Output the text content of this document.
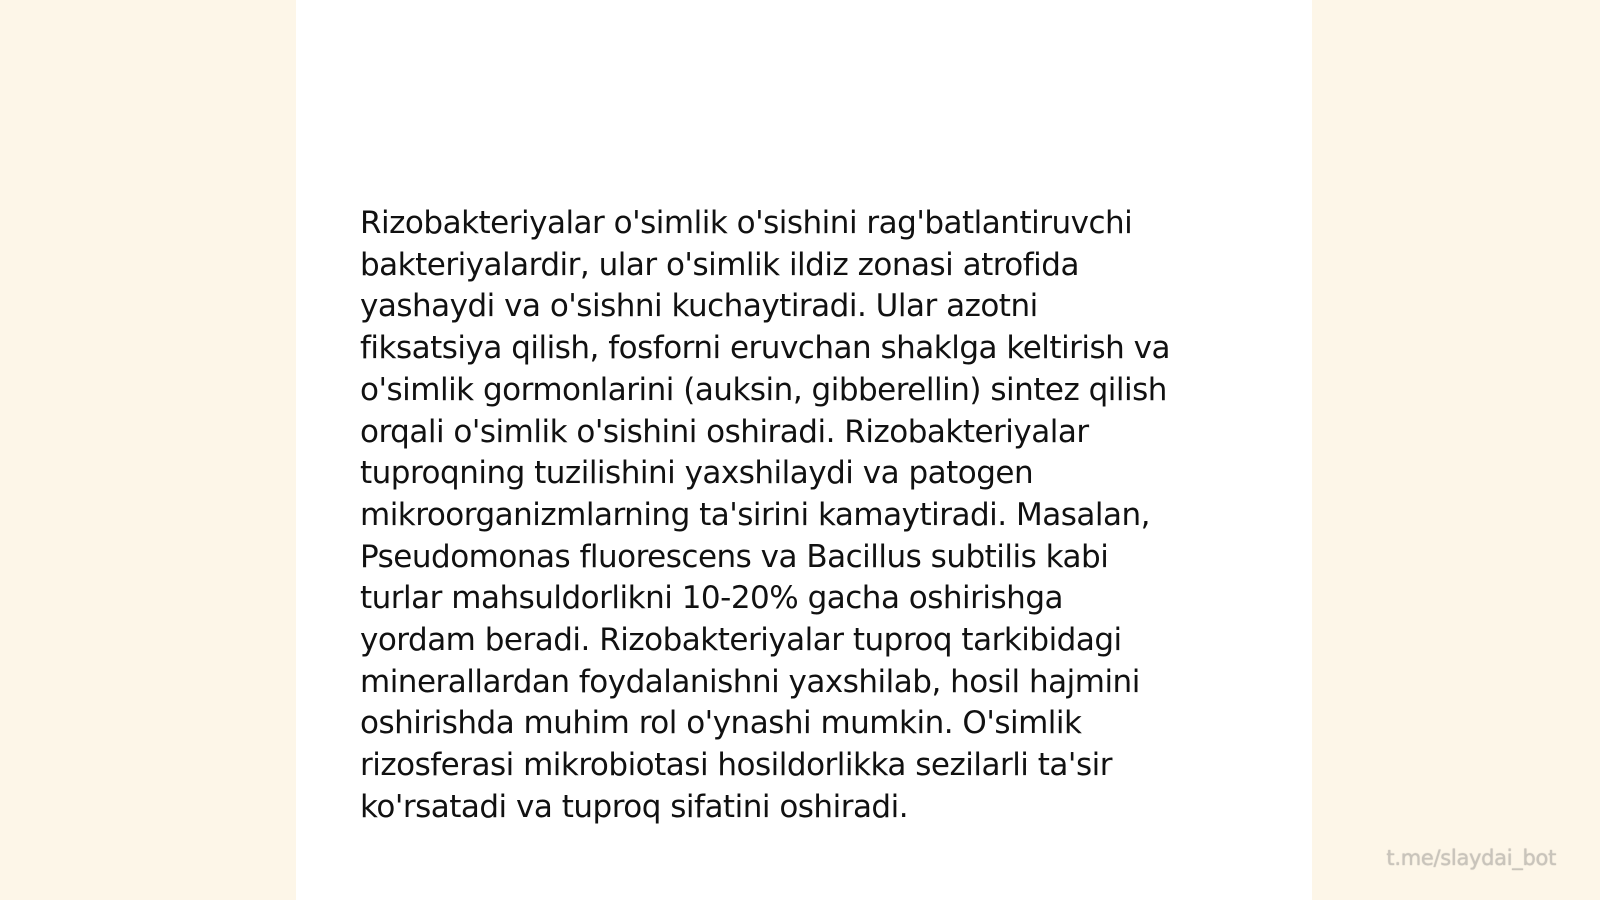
Rizobakteriyalar o'simlik o'sishini rag'batlantiruvchi
bakteriyalardir, ular o'simlik ildiz zonasi atrofida
yashaydi va o'sishni kuchaytiradi. Ular azotni
fiksatsiya qilish, fosforni eruvchan shaklga keltirish va
o'simlik gormonlarini (auksin, gibberellin) sintez qilish
orqali o'simlik o'sishini oshiradi. Rizobakteriyalar
tuproqning tuzilishini yaxshilaydi va patogen
mikroorganizmlarning ta'sirini kamaytiradi. Masalan,
Pseudomonas fluorescens va Bacillus subtilis kabi
turlar mahsuldorlikni 10-20% gacha oshirishga
yordam beradi. Rizobakteriyalar tuproq tarkibidagi
minerallardan foydalanishni yaxshilab, hosil hajmini
oshirishda muhim rol o'ynashi mumkin. O'simlik
rizosferasi mikrobiotasi hosildorlikka sezilarli ta'sir
ko'rsatadi va tuproq sifatini oshiradi.

t.me/slaydai_bot
